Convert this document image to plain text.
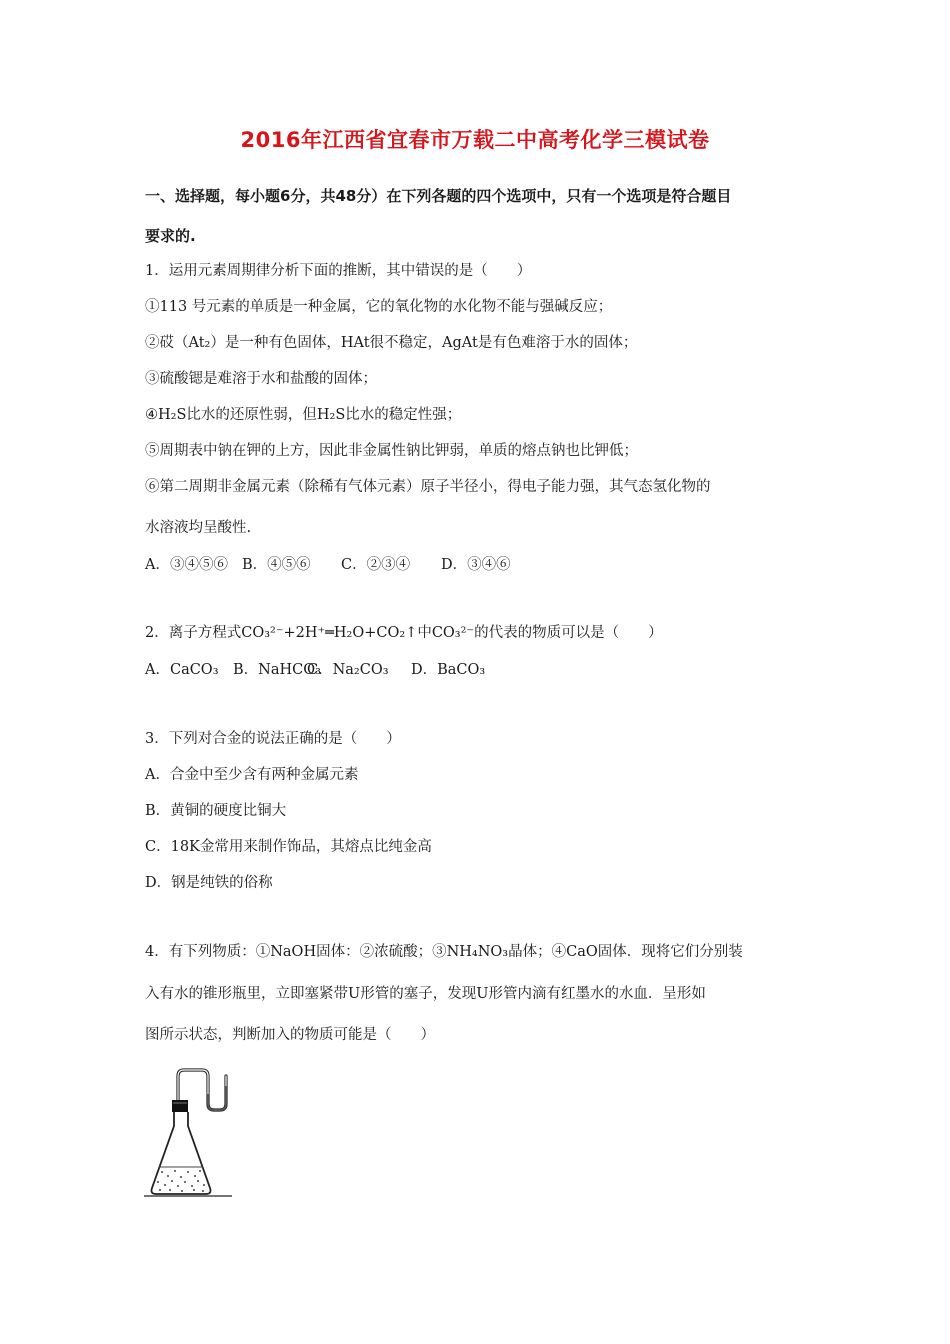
2016年江西省宜春市万载二中高考化学三模试卷
一、选择题，每小题6分，共48分）在下列各题的四个选项中，只有一个选项是符合题目
要求的.
1．运用元素周期律分析下面的推断，其中错误的是（　　）
①113 号元素的单质是一种金属，它的氧化物的水化物不能与强碱反应；
②砹（At₂）是一种有色固体，HAt很不稳定，AgAt是有色难溶于水的固体；
③硫酸锶是难溶于水和盐酸的固体；
④H₂S比水的还原性弱，但H₂S比水的稳定性强；
⑤周期表中钠在钾的上方，因此非金属性钠比钾弱，单质的熔点钠也比钾低；
⑥第二周期非金属元素（除稀有气体元素）原子半径小，得电子能力强，其气态氢化物的
水溶液均呈酸性.
A．③④⑤⑥ B．④⑤⑥ C．②③④ D．③④⑥
2．离子方程式CO₃²⁻+2H⁺═H₂O+CO₂↑中CO₃²⁻的代表的物质可以是（　　）
A．CaCO₃ B．NaHCO₃C．Na₂CO₃ D．BaCO₃
3．下列对合金的说法正确的是（　　）
A．合金中至少含有两种金属元素
B．黄铜的硬度比铜大
C．18K金常用来制作饰品，其熔点比纯金高
D．钢是纯铁的俗称
4．有下列物质：①NaOH固体：②浓硫酸；③NH₄NO₃晶体；④CaO固体．现将它们分别装
入有水的锥形瓶里，立即塞紧带U形管的塞子，发现U形管内滴有红墨水的水血．呈形如
图所示状态，判断加入的物质可能是（　　）
